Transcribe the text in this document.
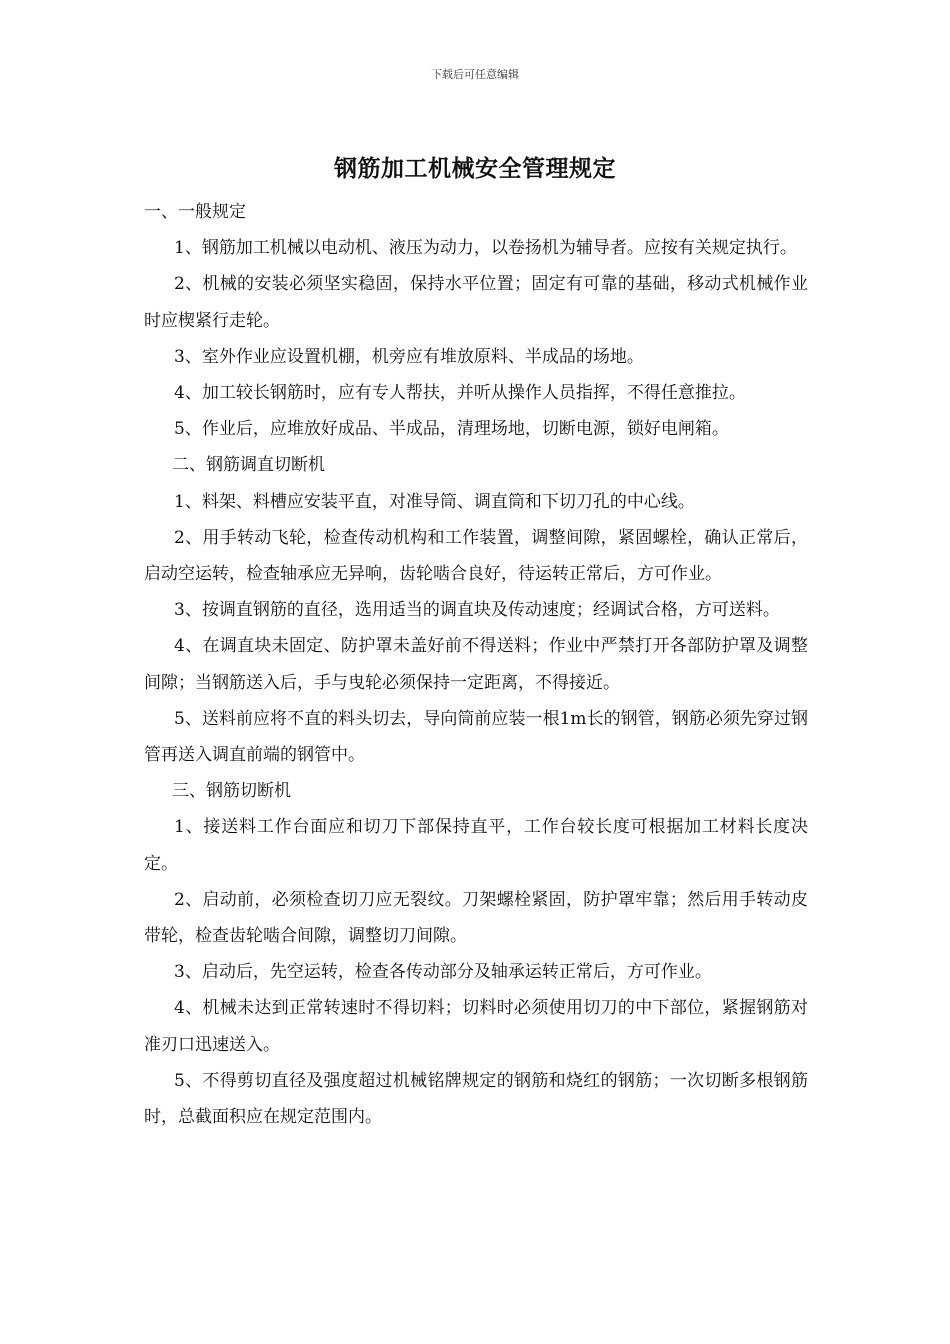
下载后可任意编辑
钢筋加工机械安全管理规定

一、一般规定

1、钢筋加工机械以电动机、液压为动力，以卷扬机为辅导者。应按有关规定执行。

2、机械的安装必须坚实稳固，保持水平位置；固定有可靠的基础，移动式机械作业时应楔紧行走轮。

3、室外作业应设置机棚，机旁应有堆放原料、半成品的场地。

4、加工较长钢筋时，应有专人帮扶，并听从操作人员指挥，不得任意推拉。

5、作业后，应堆放好成品、半成品，清理场地，切断电源，锁好电闸箱。

二、钢筋调直切断机

1、料架、料槽应安装平直，对准导筒、调直筒和下切刀孔的中心线。

2、用手转动飞轮，检查传动机构和工作装置，调整间隙，紧固螺栓，确认正常后，启动空运转，检查轴承应无异响，齿轮啮合良好，待运转正常后，方可作业。

3、按调直钢筋的直径，选用适当的调直块及传动速度；经调试合格，方可送料。

4、在调直块未固定、防护罩未盖好前不得送料；作业中严禁打开各部防护罩及调整间隙；当钢筋送入后，手与曳轮必须保持一定距离，不得接近。

5、送料前应将不直的料头切去，导向筒前应装一根1m长的钢管，钢筋必须先穿过钢管再送入调直前端的钢管中。

三、钢筋切断机

1、接送料工作台面应和切刀下部保持直平，工作台较长度可根据加工材料长度决定。

2、启动前，必须检查切刀应无裂纹。刀架螺栓紧固，防护罩牢靠；然后用手转动皮带轮，检查齿轮啮合间隙，调整切刀间隙。

3、启动后，先空运转，检查各传动部分及轴承运转正常后，方可作业。

4、机械未达到正常转速时不得切料；切料时必须使用切刀的中下部位，紧握钢筋对准刃口迅速送入。

5、不得剪切直径及强度超过机械铭牌规定的钢筋和烧红的钢筋；一次切断多根钢筋时，总截面积应在规定范围内。
